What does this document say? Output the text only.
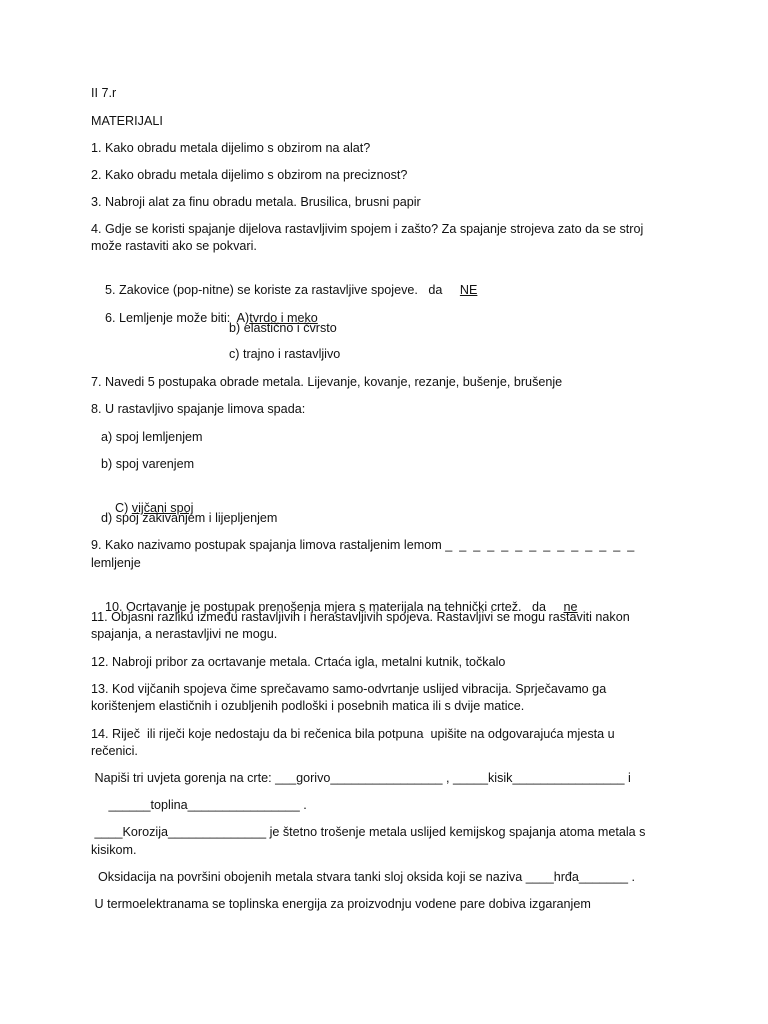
II 7.r
MATERIJALI
1. Kako obradu metala dijelimo s obzirom na alat?
2. Kako obradu metala dijelimo s obzirom na preciznost?
3. Nabroji alat za finu obradu metala. Brusilica, brusni papir
4. Gdje se koristi spajanje dijelova rastavljivim spojem i zašto? Za spajanje strojeva zato da se stroj
može rastaviti ako se pokvari.

5. Zakovice (pop-nitne) se koriste za rastavljive spojeve.   da     NE

6. Lemljenje može biti:  A)tvrdo i meko

b) elastično i čvrsto
c) trajno i rastavljivo
7. Navedi 5 postupaka obrade metala. Lijevanje, kovanje, rezanje, bušenje, brušenje
8. U rastavljivo spajanje limova spada:
a) spoj lemljenjem
b) spoj varenjem

C) vijčani spoj

d) spoj zakivanjem i lijepljenjem
9. Kako nazivamo postupak spajanja limova rastaljenim lemom _  _  _  _  _  _  _  _  _  _  _  _  _  _
lemljenje

10. Ocrtavanje je postupak prenošenja mjera s materijala na tehnički crtež.   da     ne

11. Objasni razliku između rastavljivih i nerastavljivih spojeva. Rastavljivi se mogu rastaviti nakon
spajanja, a nerastavljivi ne mogu.
12. Nabroji pribor za ocrtavanje metala. Crtaća igla, metalni kutnik, točkalo
13. Kod vijčanih spojeva čime sprečavamo samo-odvrtanje uslijed vibracija. Sprječavamo ga
korištenjem elastičnih i ozubljenih podloški i posebnih matica ili s dvije matice.
14. Riječ  ili riječi koje nedostaju da bi rečenica bila potpuna  upišite na odgovarajuća mjesta u
rečenici.
Napiši tri uvjeta gorenja na crte: ___gorivo________________ , _____kisik________________ i
______toplina________________ .
____Korozija______________ je štetno trošenje metala uslijed kemijskog spajanja atoma metala s
kisikom.
Oksidacija na površini obojenih metala stvara tanki sloj oksida koji se naziva ____hrđa_______ .
U termoelektranama se toplinska energija za proizvodnju vodene pare dobiva izgaranjem
